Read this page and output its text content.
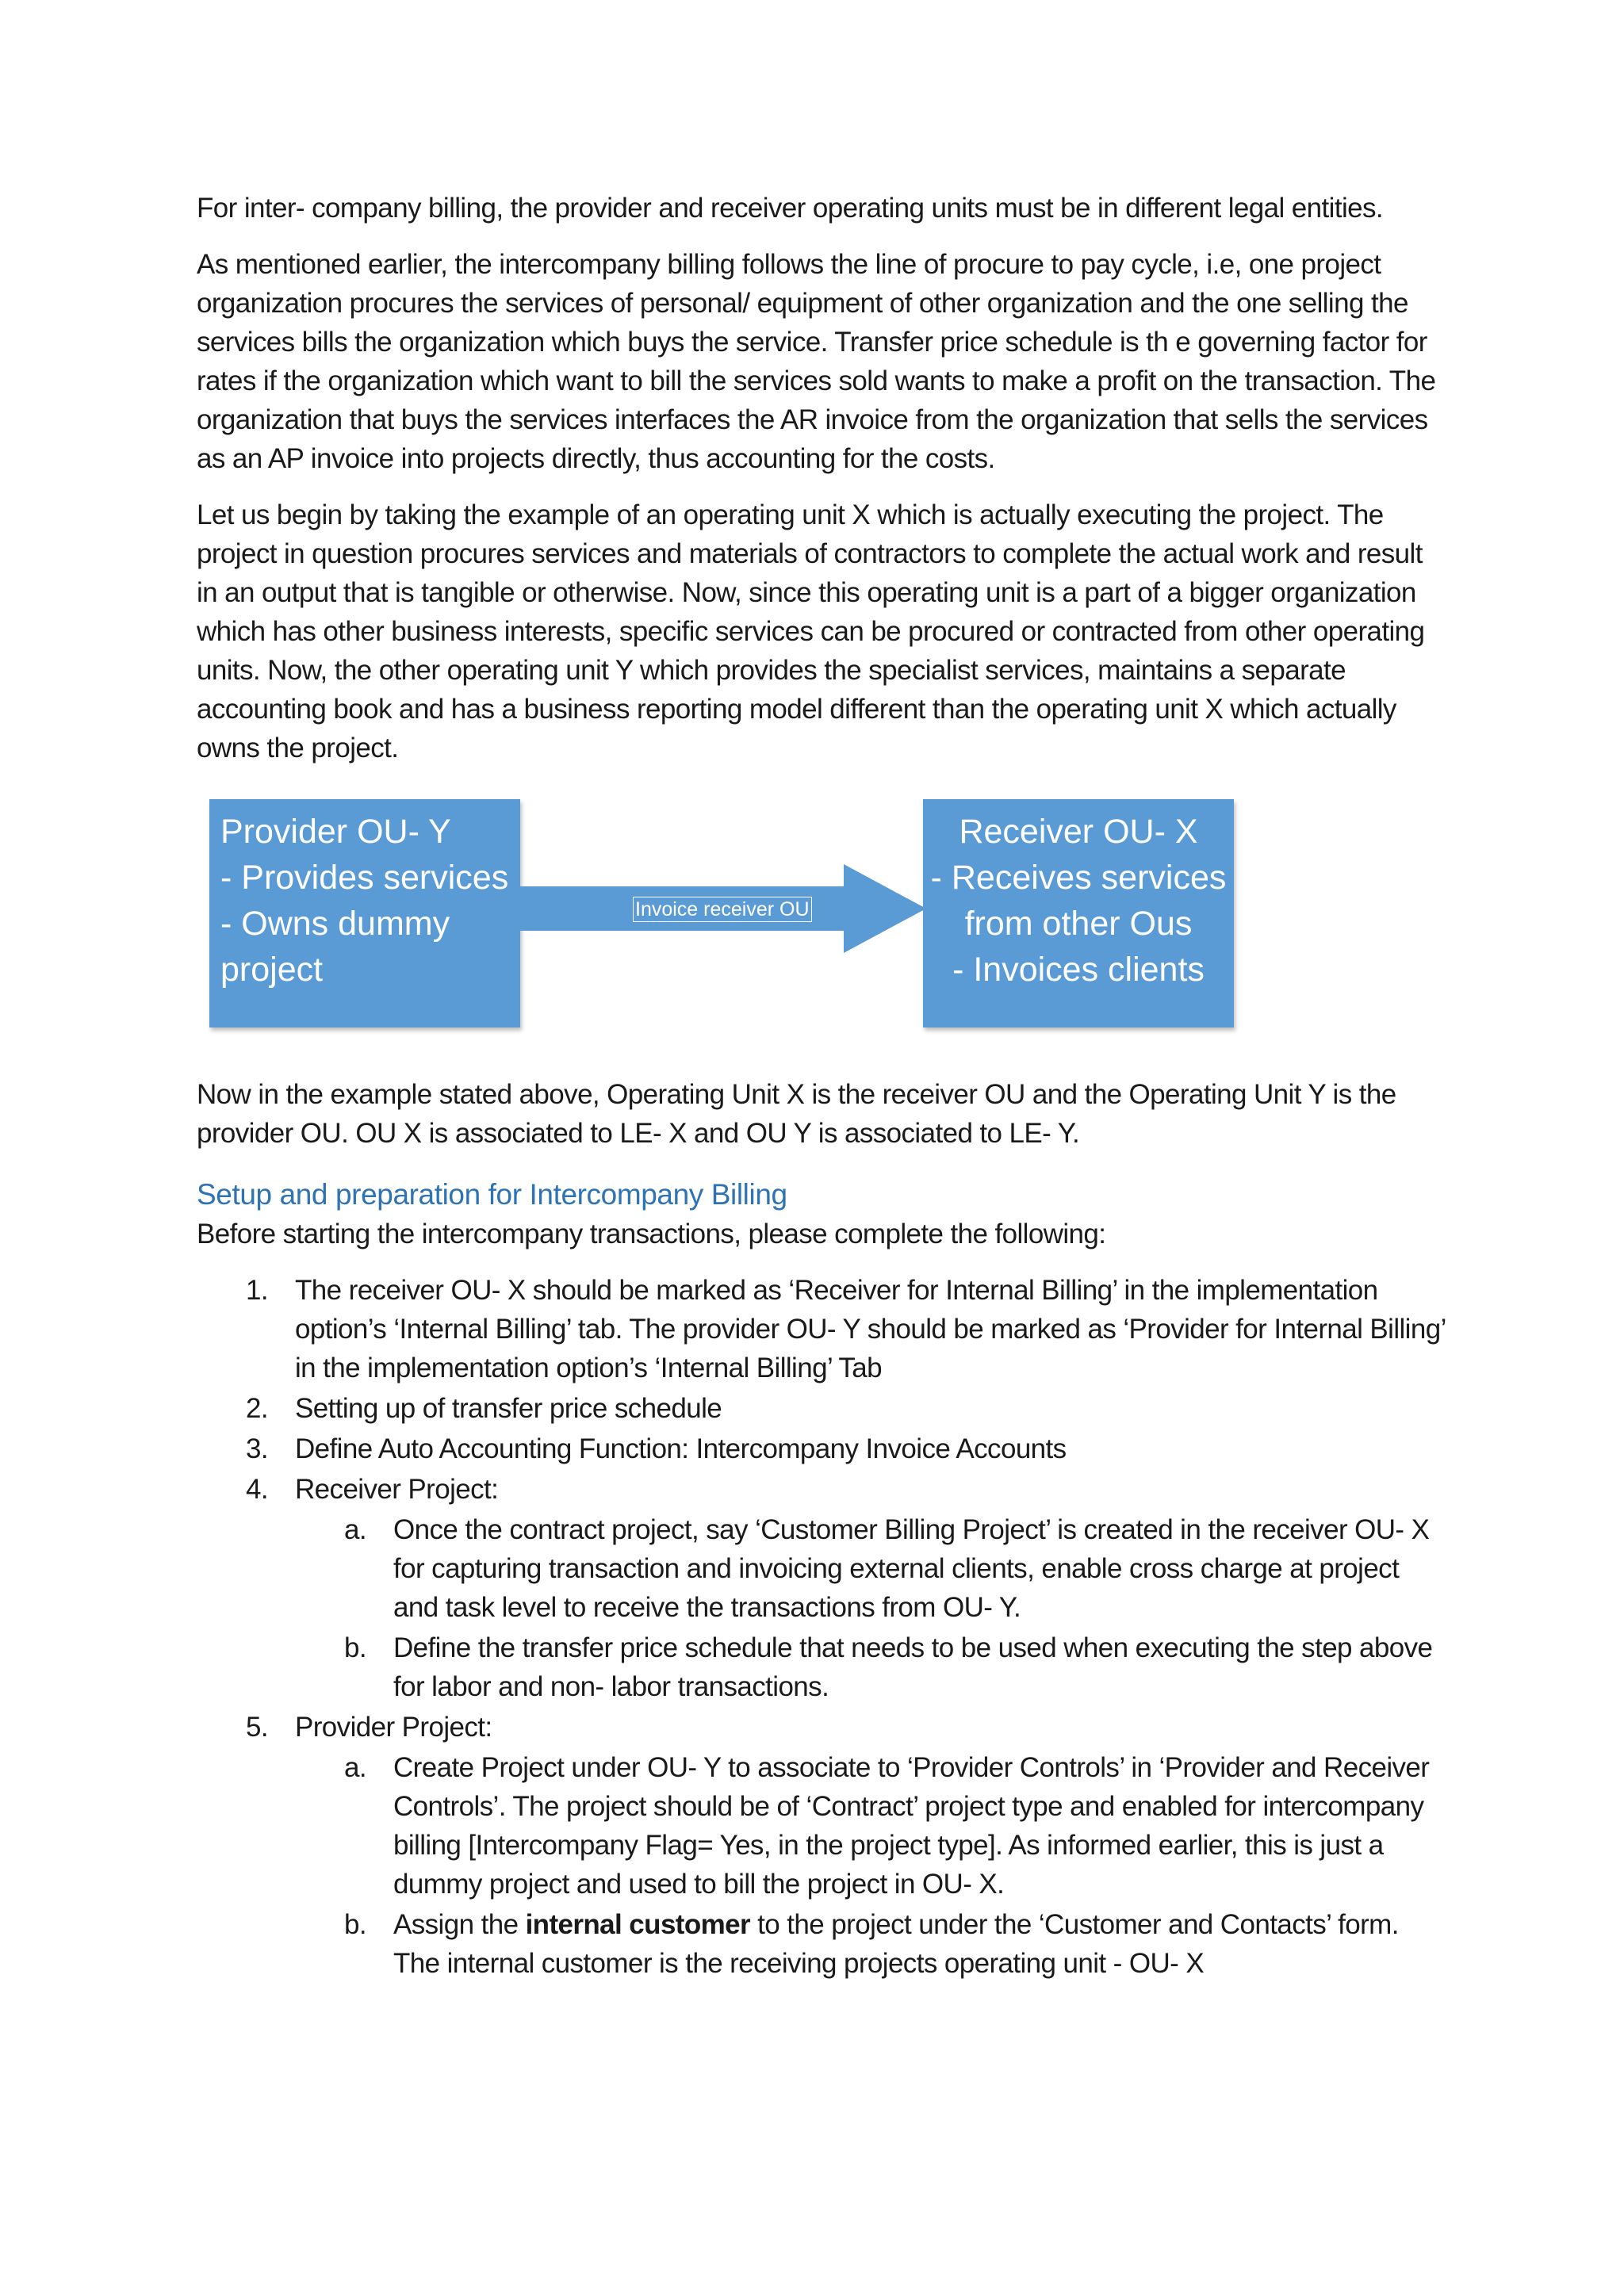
For inter- company billing, the provider and receiver operating units must be in different legal entities.

As mentioned earlier, the intercompany billing follows the line of procure to pay cycle, i.e, one project organization procures the services of personal/ equipment of other organization and the one selling the services bills the organization which buys the service. Transfer price schedule is th e governing factor for rates if the organization which want to bill the services sold wants to make a profit on the transaction. The organization that buys the services interfaces the AR invoice from the organization that sells the services as an AP invoice into projects directly, thus accounting for the costs.

Let us begin by taking the example of an operating unit X which is actually executing the project. The project in question procures services and materials of contractors to complete the actual work and result in an output that is tangible or otherwise. Now, since this operating unit is a part of a bigger organization which has other business interests, specific services can be procured or contracted from other operating units. Now, the other operating unit Y which provides the specialist services, maintains a separate accounting book and has a business reporting model different than the operating unit X which actually owns the project.

Provider OU- Y
- Provides services
- Owns dummy
project
Invoice receiver OU
Receiver OU- X
- Receives services
from other Ous
- Invoices clients

Now in the example stated above, Operating Unit X is the receiver OU and the Operating Unit Y is the provider OU. OU X is associated to LE- X and OU Y is associated to LE- Y.

Setup and preparation for Intercompany Billing

Before starting the intercompany transactions, please complete the following:

1. The receiver OU- X should be marked as ‘Receiver for Internal Billing’ in the implementation option’s ‘Internal Billing’ tab. The provider OU- Y should be marked as ‘Provider for Internal Billing’ in the implementation option’s ‘Internal Billing’ Tab
2. Setting up of transfer price schedule
3. Define Auto Accounting Function: Intercompany Invoice Accounts
4. Receiver Project:
a. Once the contract project, say ‘Customer Billing Project’ is created in the receiver OU- X for capturing transaction and invoicing external clients, enable cross charge at project and task level to receive the transactions from OU- Y.
b. Define the transfer price schedule that needs to be used when executing the step above for labor and non- labor transactions.
5. Provider Project:
a. Create Project under OU- Y to associate to ‘Provider Controls’ in ‘Provider and Receiver Controls’. The project should be of ‘Contract’ project type and enabled for intercompany billing [Intercompany Flag= Yes, in the project type]. As informed earlier, this is just a dummy project and used to bill the project in OU- X.
b. Assign the internal customer to the project under the ‘Customer and Contacts’ form. The internal customer is the receiving projects operating unit - OU- X
